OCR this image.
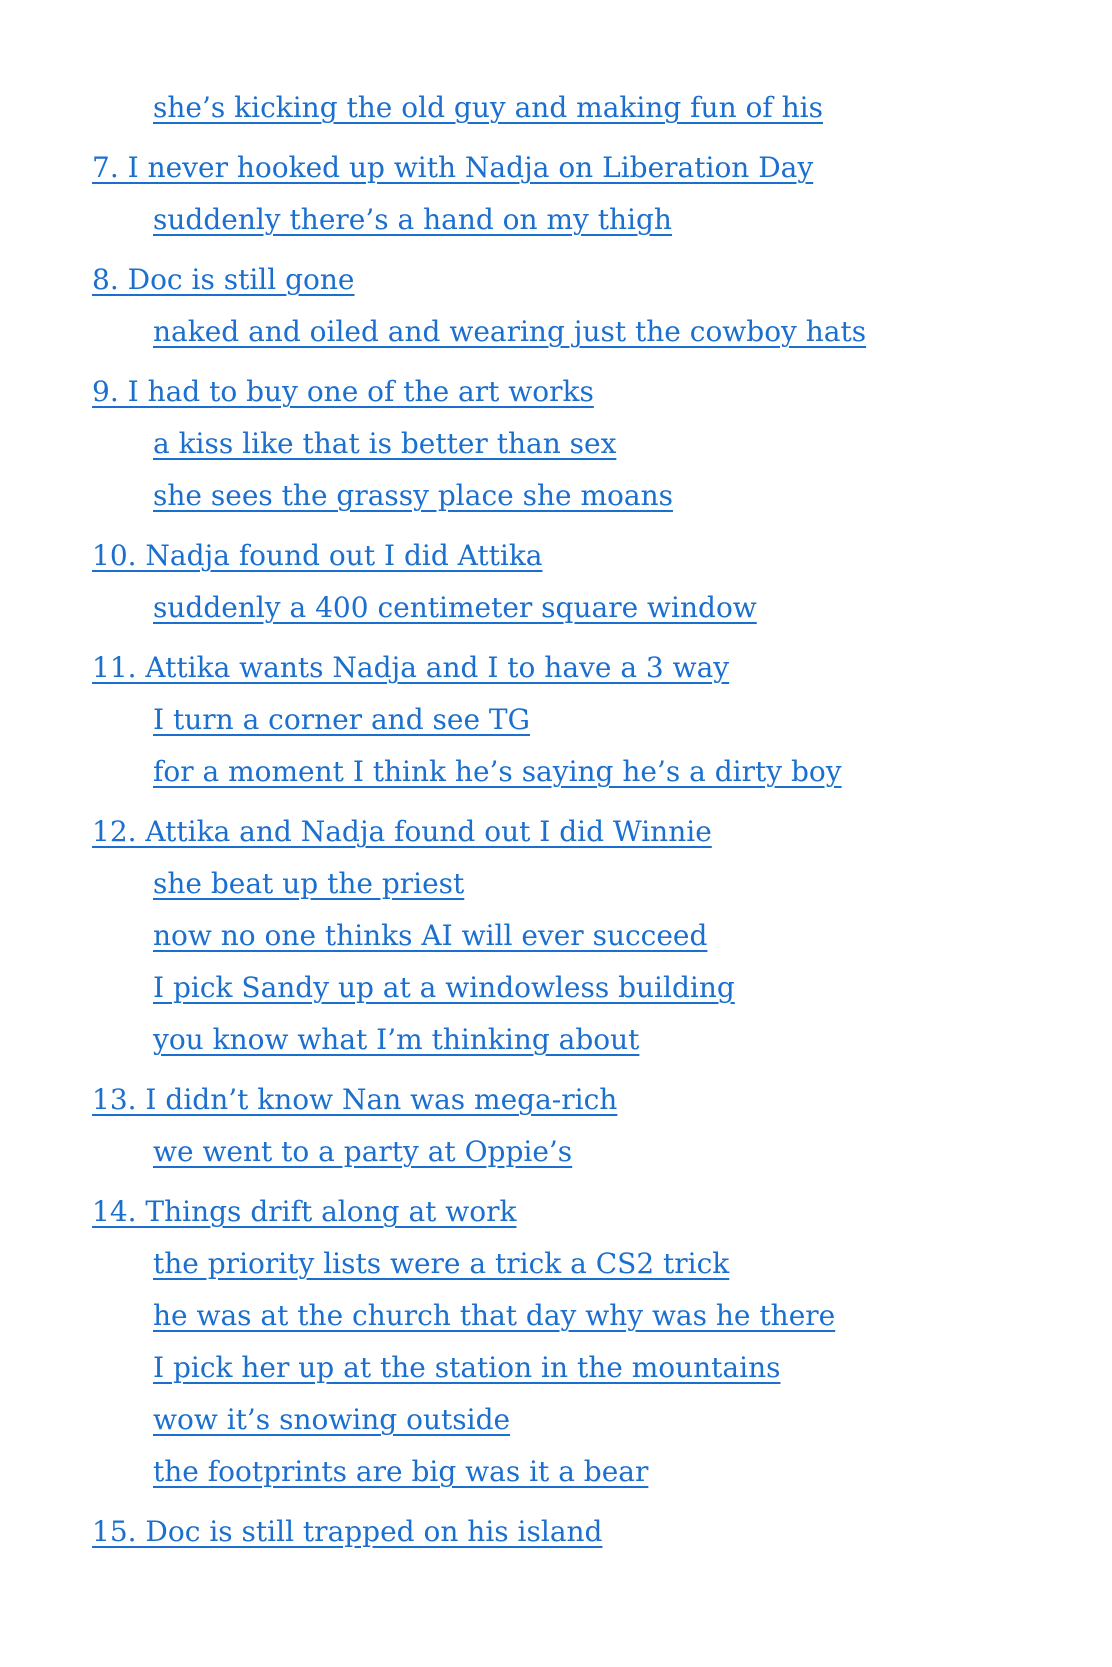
she’s kicking the old guy and making fun of his
7. I never hooked up with Nadja on Liberation Day
suddenly there’s a hand on my thigh
8. Doc is still gone
naked and oiled and wearing just the cowboy hats
9. I had to buy one of the art works
a kiss like that is better than sex
she sees the grassy place she moans
10. Nadja found out I did Attika
suddenly a 400 centimeter square window
11. Attika wants Nadja and I to have a 3 way
I turn a corner and see TG
for a moment I think he’s saying he’s a dirty boy
12. Attika and Nadja found out I did Winnie
she beat up the priest
now no one thinks AI will ever succeed
I pick Sandy up at a windowless building
you know what I’m thinking about
13. I didn’t know Nan was mega-rich
we went to a party at Oppie’s
14. Things drift along at work
the priority lists were a trick a CS2 trick
he was at the church that day why was he there
I pick her up at the station in the mountains
wow it’s snowing outside
the footprints are big was it a bear
15. Doc is still trapped on his island
